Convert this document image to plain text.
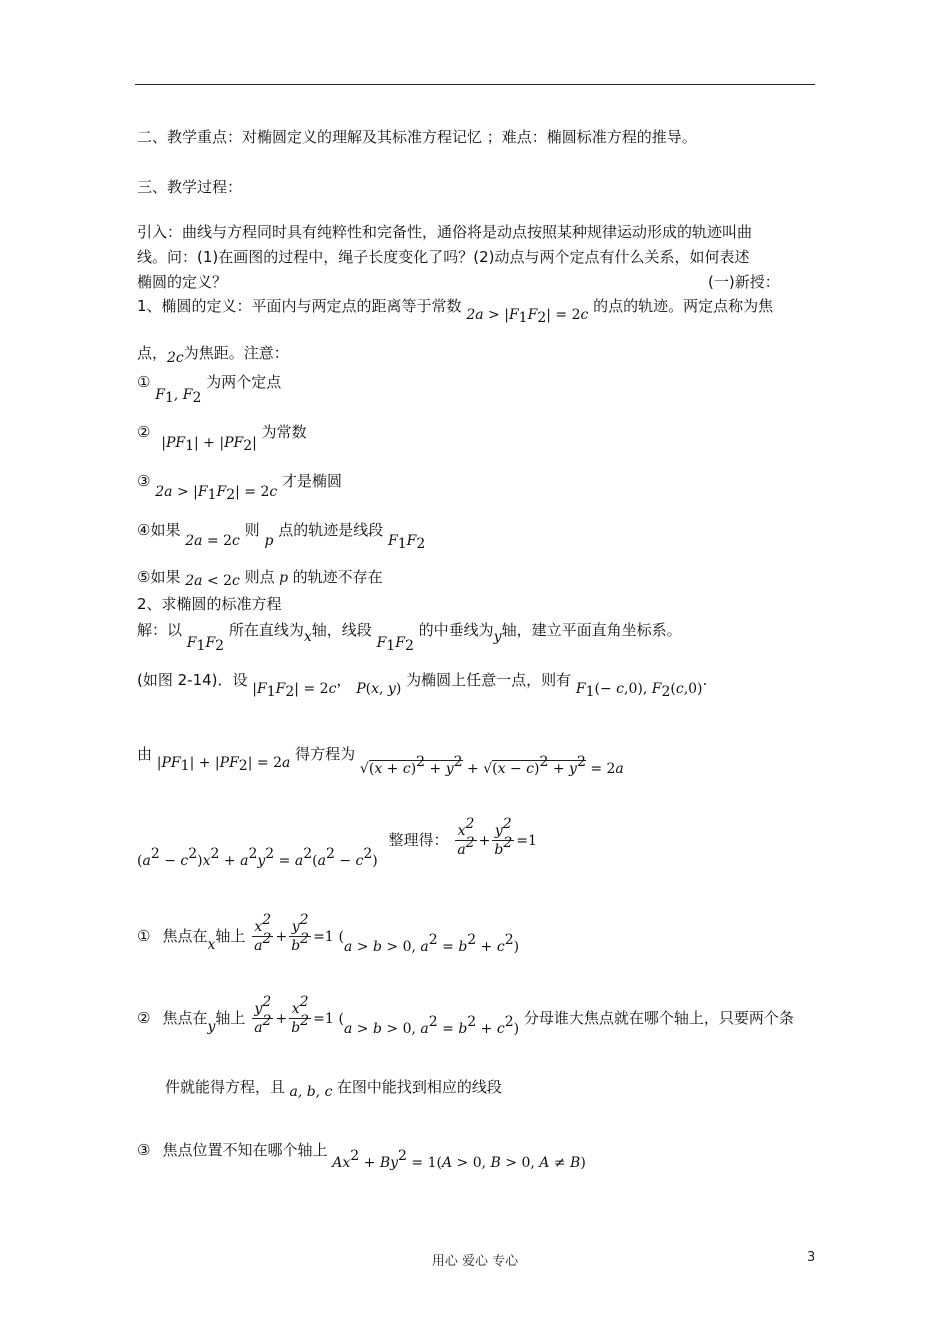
二、教学重点：对椭圆定义的理解及其标准方程记忆 ；难点：椭圆标准方程的推导。
三、教学过程：
引入：曲线与方程同时具有纯粹性和完备性，通俗将是动点按照某种规律运动形成的轨迹叫曲
线。问：(1)在画图的过程中，绳子长度变化了吗？(2)动点与两个定点有什么关系，如何表述
椭圆的定义？	(一)新授：
1、椭圆的定义：平面内与两定点的距离等于常数 2a > |F1F2| = 2c 的点的轨迹。两定点称为焦
点，2c为焦距。注意：
① F1, F2 为两个定点
② |PF1| + |PF2| 为常数
③ 2a > |F1F2| = 2c 才是椭圆
④如果 2a = 2c 则 p 点的轨迹是线段 F1F2
⑤如果 2a < 2c 则点 p 的轨迹不存在
2、求椭圆的标准方程
解：以 F1F2 所在直线为x轴，线段 F1F2 的中垂线为y轴，建立平面直角坐标系。
(如图 2-14)．设 |F1F2| = 2c， P(x, y) 为椭圆上任意一点，则有 F1(− c,0), F2(c,0).
由 |PF1| + |PF2| = 2a 得方程为 √(x + c)2 + y2 + √(x − c)2 + y2 = 2a
(a2 − c2)x2 + a2y2 = a2(a2 − c2) 整理得： $\frac{x2}{a2} + \frac{y2}{b2} =1$
① 焦点在x轴上 $\frac{x2}{a2} + \frac{y2}{b2} =1$ (a > b > 0, a2 = b2 + c2)
② 焦点在y轴上 $\frac{y2}{a2} + \frac{x2}{b2} =1$ (a > b > 0, a2 = b2 + c2) 分母谁大焦点就在哪个轴上，只要两个条
件就能得方程，且 a, b, c 在图中能找到相应的线段
③ 焦点位置不知在哪个轴上 Ax2 + By2 = 1(A > 0, B > 0, A ≠ B)
用心 爱心 专心	3
